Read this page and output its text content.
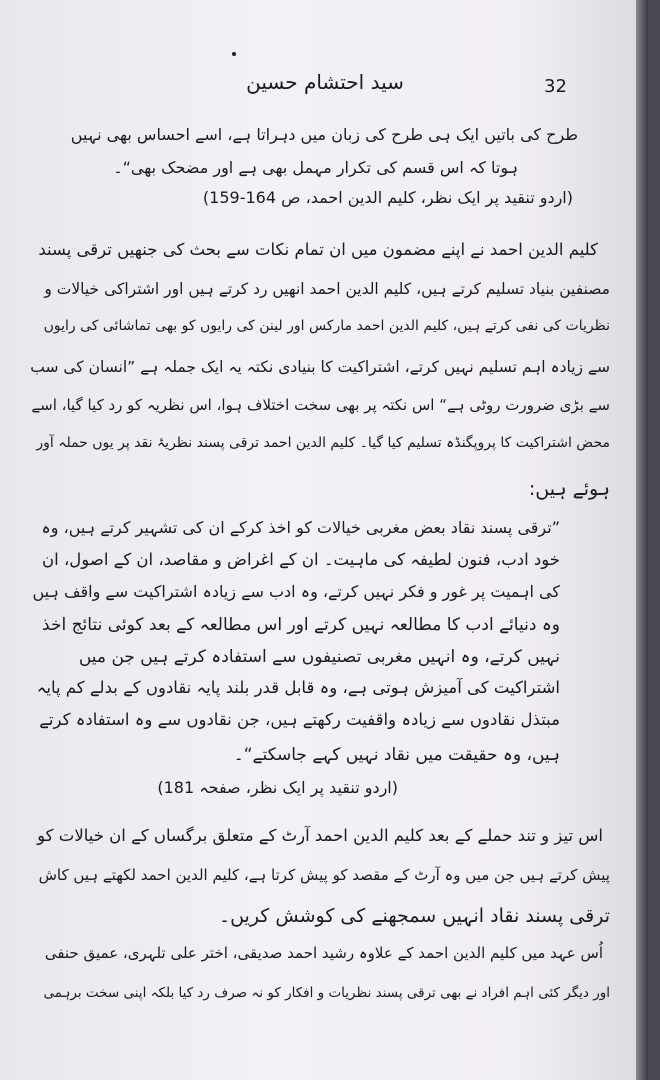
سید احتشام حسین	32
طرح کی باتیں ایک ہی طرح کی زبان میں دہراتا ہے، اسے احساس بھی نہیں
ہوتا کہ اس قسم کی تکرار مہمل بھی ہے اور مضحک بھی“۔
(اردو تنقید پر ایک نظر، کلیم الدین احمد، ص 164-159)
کلیم الدین احمد نے اپنے مضمون میں ان تمام نکات سے بحث کی جنھیں ترقی پسند
مصنفین بنیاد تسلیم کرتے ہیں، کلیم الدین احمد انھیں رد کرتے ہیں اور اشتراکی خیالات و
نظریات کی نفی کرتے ہیں، کلیم الدین احمد مارکس اور لینن کی رایوں کو بھی تماشائی کی رایوں
سے زیادہ اہم تسلیم نہیں کرتے، اشتراکیت کا بنیادی نکتہ یہ ایک جملہ ہے ”انسان کی سب
سے بڑی ضرورت روٹی ہے“ اس نکتہ پر بھی سخت اختلاف ہوا، اس نظریہ کو رد کیا گیا، اسے
محض اشتراکیت کا پروپگنڈہ تسلیم کیا گیا۔ کلیم الدین احمد ترقی پسند نظریۂ نقد پر یوں حملہ آور
ہوئے ہیں:
”ترقی پسند نقاد بعض مغربی خیالات کو اخذ کرکے ان کی تشہیر کرتے ہیں، وہ
خود ادب، فنون لطیفہ کی ماہیت۔ ان کے اغراض و مقاصد، ان کے اصول، ان
کی اہمیت پر غور و فکر نہیں کرتے، وہ ادب سے زیادہ اشتراکیت سے واقف ہیں
وہ دنیائے ادب کا مطالعہ نہیں کرتے اور اس مطالعہ کے بعد کوئی نتائج اخذ
نہیں کرتے، وہ انہیں مغربی تصنیفوں سے استفادہ کرتے ہیں جن میں
اشتراکیت کی آمیزش ہوتی ہے، وہ قابل قدر بلند پایہ نقادوں کے بدلے کم پایہ
مبتذل نقادوں سے زیادہ واقفیت رکھتے ہیں، جن نقادوں سے وہ استفادہ کرتے
ہیں، وہ حقیقت میں نقاد نہیں کہے جاسکتے“۔
(اردو تنقید پر ایک نظر، صفحہ 181)
اس تیز و تند حملے کے بعد کلیم الدین احمد آرٹ کے متعلق برگساں کے ان خیالات کو
پیش کرتے ہیں جن میں وہ آرٹ کے مقصد کو پیش کرتا ہے، کلیم الدین احمد لکھتے ہیں کاش
ترقی پسند نقاد انہیں سمجھنے کی کوشش کریں۔
اُس عہد میں کلیم الدین احمد کے علاوہ رشید احمد صدیقی، اختر علی تلہری، عمیق حنفی
اور دیگر کئی اہم افراد نے بھی ترقی پسند نظریات و افکار کو نہ صرف رد کیا بلکہ اپنی سخت برہمی
